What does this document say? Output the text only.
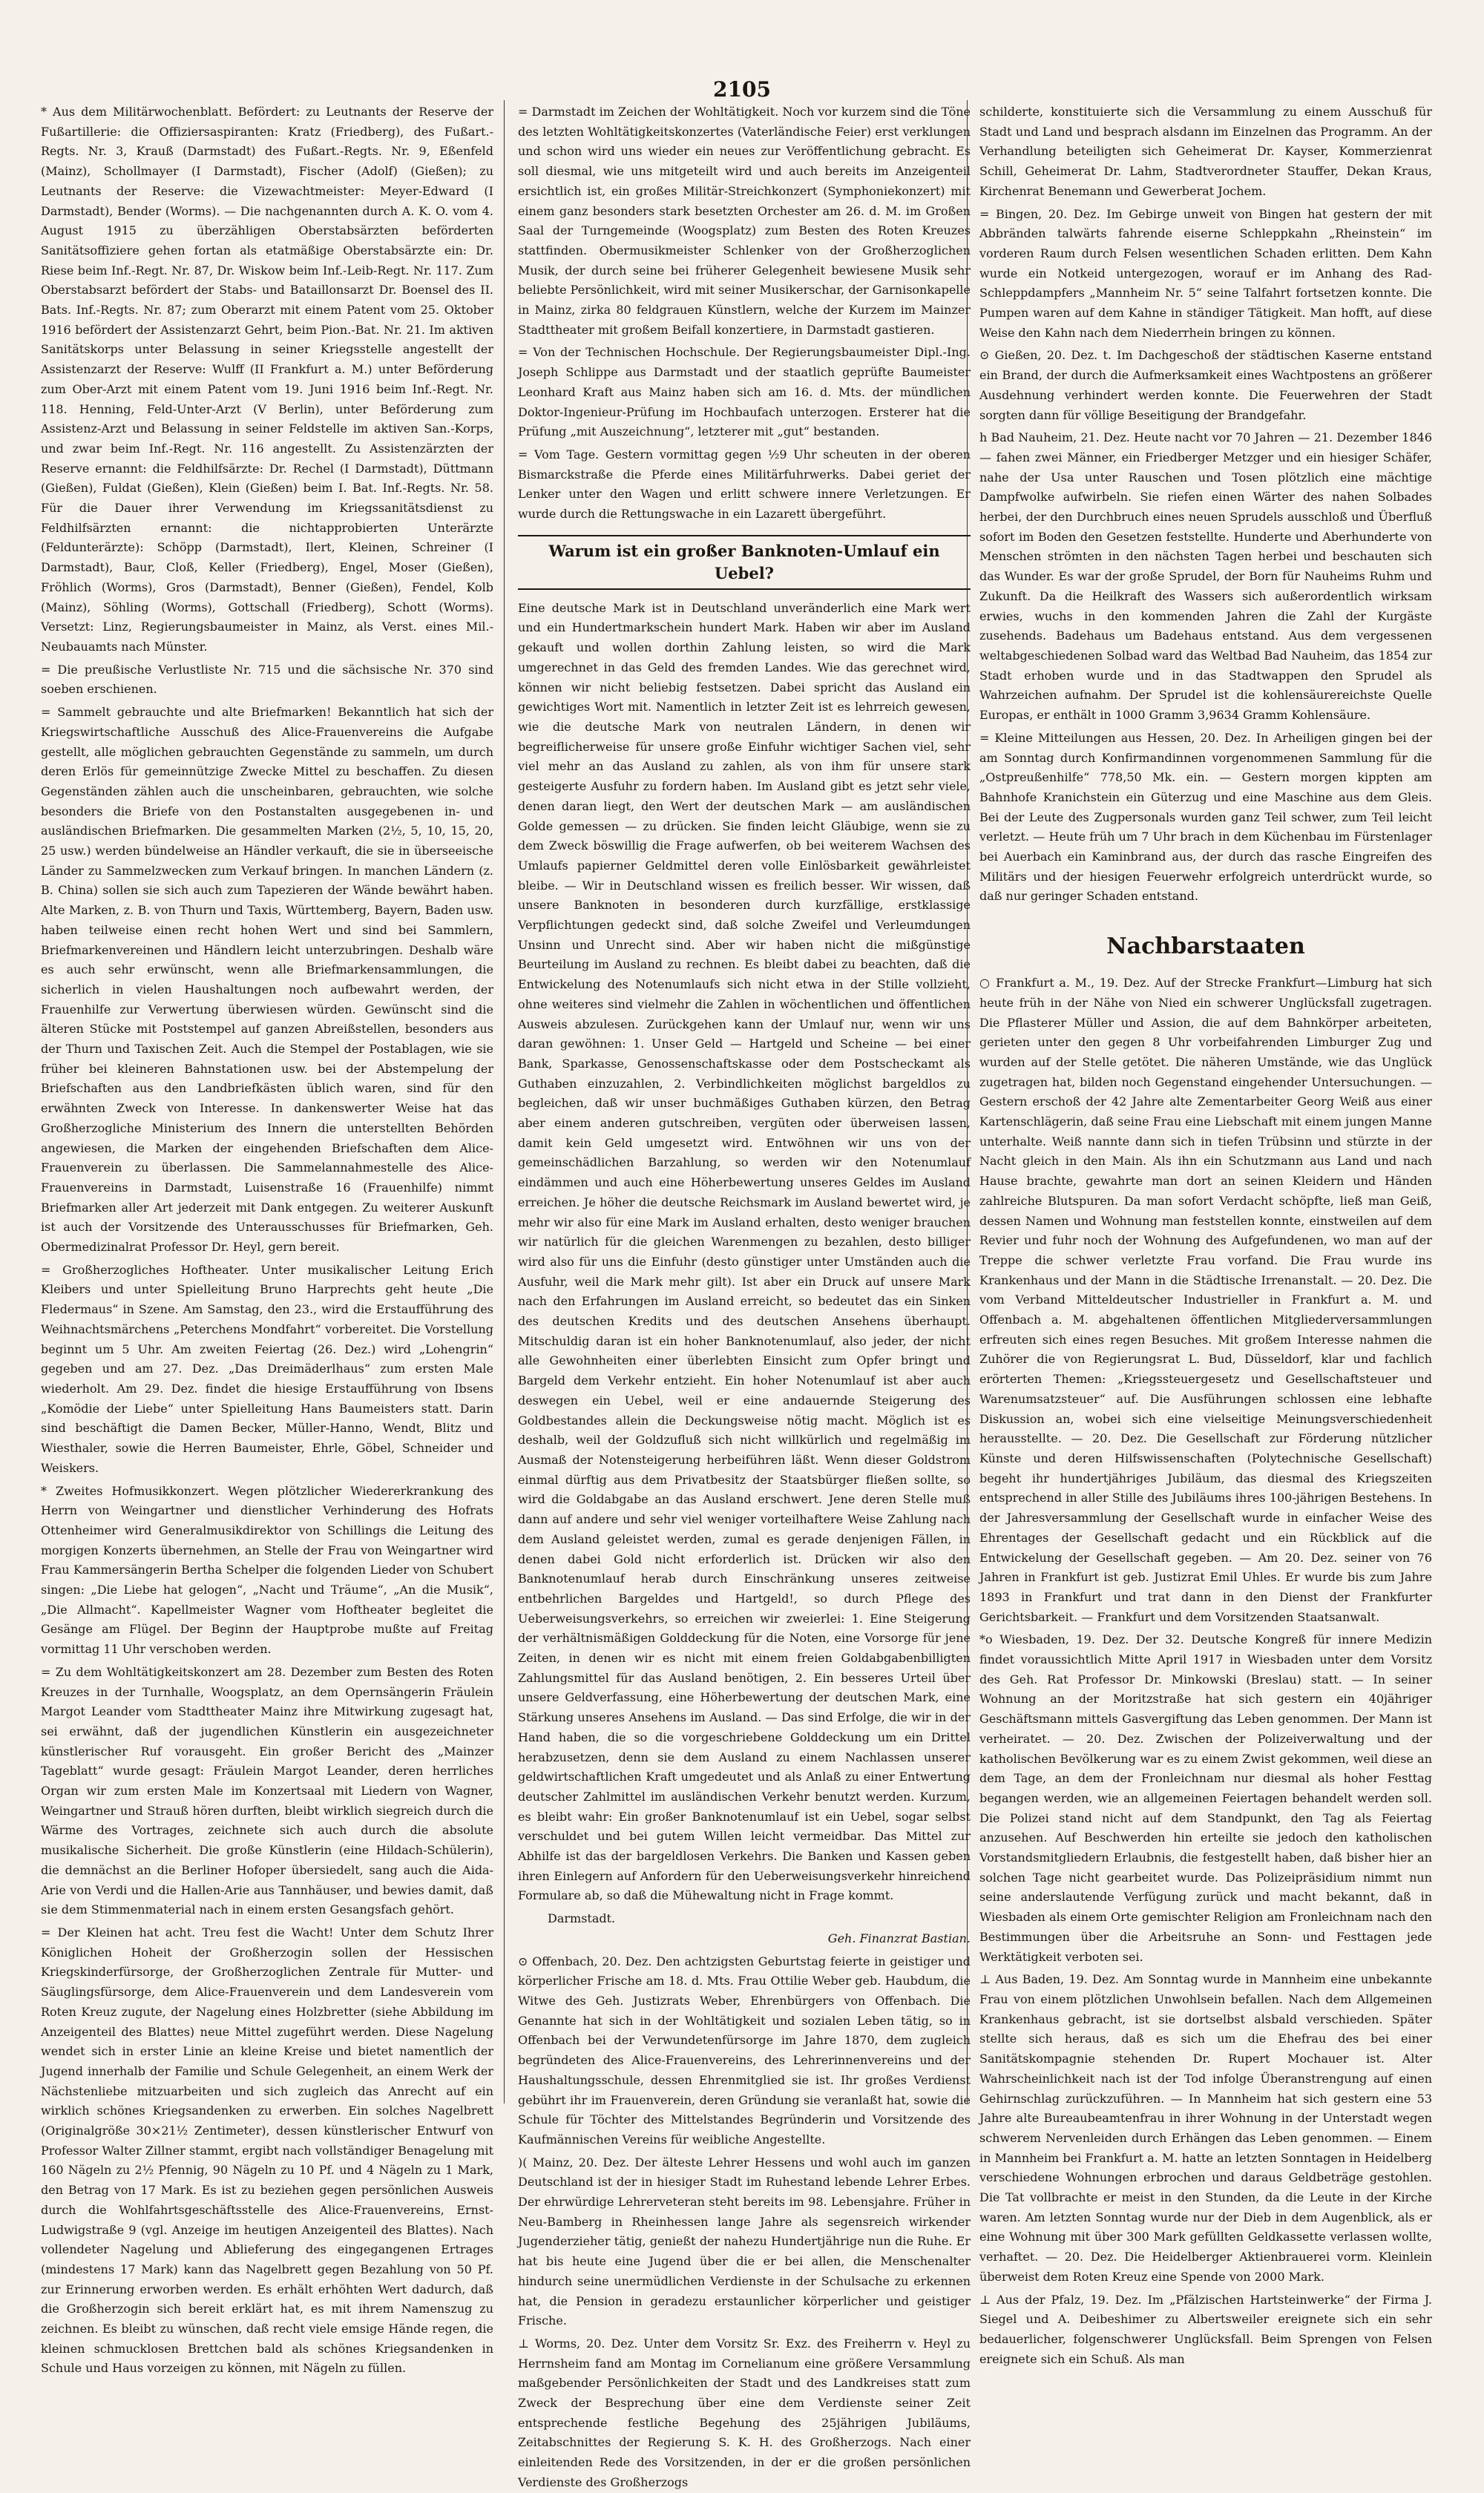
2105

* Aus dem Militärwochenblatt. Befördert: zu Leutnants der Reserve der Fußartillerie: die Offiziersaspiranten: Kratz (Friedberg), des Fußart.-Regts. Nr. 3, Krauß (Darmstadt) des Fußart.-Regts. Nr. 9, Eßenfeld (Mainz), Schollmayer (I Darmstadt), Fischer (Adolf) (Gießen); zu Leutnants der Reserve: die Vizewachtmeister: Meyer-Edward (I Darmstadt), Bender (Worms). — Die nachgenannten durch A. K. O. vom 4. August 1915 zu überzähligen Oberstabsärzten beförderten Sanitätsoffiziere gehen fortan als etatmäßige Oberstabsärzte ein: Dr. Riese beim Inf.-Regt. Nr. 87, Dr. Wiskow beim Inf.-Leib-Regt. Nr. 117. Zum Oberstabsarzt befördert der Stabs- und Bataillonsarzt Dr. Boensel des II. Bats. Inf.-Regts. Nr. 87; zum Oberarzt mit einem Patent vom 25. Oktober 1916 befördert der Assistenzarzt Gehrt, beim Pion.-Bat. Nr. 21. Im aktiven Sanitätskorps unter Belassung in seiner Kriegsstelle angestellt der Assistenzarzt der Reserve: Wulff (II Frankfurt a. M.) unter Beförderung zum Ober-Arzt mit einem Patent vom 19. Juni 1916 beim Inf.-Regt. Nr. 118. Henning, Feld-Unter-Arzt (V Berlin), unter Beförderung zum Assistenz-Arzt und Belassung in seiner Feldstelle im aktiven San.-Korps, und zwar beim Inf.-Regt. Nr. 116 angestellt. Zu Assistenzärzten der Reserve ernannt: die Feldhilfsärzte: Dr. Rechel (I Darmstadt), Düttmann (Gießen), Fuldat (Gießen), Klein (Gießen) beim I. Bat. Inf.-Regts. Nr. 58. Für die Dauer ihrer Verwendung im Kriegssanitätsdienst zu Feldhilfsärzten ernannt: die nichtapprobierten Unterärzte (Feldunterärzte): Schöpp (Darmstadt), Ilert, Kleinen, Schreiner (I Darmstadt), Baur, Cloß, Keller (Friedberg), Engel, Moser (Gießen), Fröhlich (Worms), Gros (Darmstadt), Benner (Gießen), Fendel, Kolb (Mainz), Söhling (Worms), Gottschall (Friedberg), Schott (Worms). Versetzt: Linz, Regierungsbaumeister in Mainz, als Verst. eines Mil.-Neubauamts nach Münster.

= Die preußische Verlustliste Nr. 715 und die sächsische Nr. 370 sind soeben erschienen.

= Sammelt gebrauchte und alte Briefmarken! Bekanntlich hat sich der Kriegswirtschaftliche Ausschuß des Alice-Frauenvereins die Aufgabe gestellt, alle möglichen gebrauchten Gegenstände zu sammeln, um durch deren Erlös für gemeinnützige Zwecke Mittel zu beschaffen. Zu diesen Gegenständen zählen auch die unscheinbaren, gebrauchten, wie solche besonders die Briefe von den Postanstalten ausgegebenen in- und ausländischen Briefmarken. Die gesammelten Marken (2½, 5, 10, 15, 20, 25 usw.) werden bündelweise an Händler verkauft, die sie in überseeische Länder zu Sammelzwecken zum Verkauf bringen. In manchen Ländern (z. B. China) sollen sie sich auch zum Tapezieren der Wände bewährt haben. Alte Marken, z. B. von Thurn und Taxis, Württemberg, Bayern, Baden usw. haben teilweise einen recht hohen Wert und sind bei Sammlern, Briefmarkenvereinen und Händlern leicht unterzubringen. Deshalb wäre es auch sehr erwünscht, wenn alle Briefmarkensammlungen, die sicherlich in vielen Haushaltungen noch aufbewahrt werden, der Frauenhilfe zur Verwertung überwiesen würden. Gewünscht sind die älteren Stücke mit Poststempel auf ganzen Abreißstellen, besonders aus der Thurn und Taxischen Zeit. Auch die Stempel der Postablagen, wie sie früher bei kleineren Bahnstationen usw. bei der Abstempelung der Briefschaften aus den Landbriefkästen üblich waren, sind für den erwähnten Zweck von Interesse. In dankenswerter Weise hat das Großherzogliche Ministerium des Innern die unterstellten Behörden angewiesen, die Marken der eingehenden Briefschaften dem Alice-Frauenverein zu überlassen. Die Sammelannahmestelle des Alice-Frauenvereins in Darmstadt, Luisenstraße 16 (Frauenhilfe) nimmt Briefmarken aller Art jederzeit mit Dank entgegen. Zu weiterer Auskunft ist auch der Vorsitzende des Unterausschusses für Briefmarken, Geh. Obermedizinalrat Professor Dr. Heyl, gern bereit.

= Großherzogliches Hoftheater. Unter musikalischer Leitung Erich Kleibers und unter Spielleitung Bruno Harprechts geht heute „Die Fledermaus“ in Szene. Am Samstag, den 23., wird die Erstaufführung des Weihnachtsmärchens „Peterchens Mondfahrt“ vorbereitet. Die Vorstellung beginnt um 5 Uhr. Am zweiten Feiertag (26. Dez.) wird „Lohengrin“ gegeben und am 27. Dez. „Das Dreimäderlhaus“ zum ersten Male wiederholt. Am 29. Dez. findet die hiesige Erstaufführung von Ibsens „Komödie der Liebe“ unter Spielleitung Hans Baumeisters statt. Darin sind beschäftigt die Damen Becker, Müller-Hanno, Wendt, Blitz und Wiesthaler, sowie die Herren Baumeister, Ehrle, Göbel, Schneider und Weiskers.

* Zweites Hofmusikkonzert. Wegen plötzlicher Wiedererkrankung des Herrn von Weingartner und dienstlicher Verhinderung des Hofrats Ottenheimer wird Generalmusikdirektor von Schillings die Leitung des morgigen Konzerts übernehmen, an Stelle der Frau von Weingartner wird Frau Kammersängerin Bertha Schelper die folgenden Lieder von Schubert singen: „Die Liebe hat gelogen“, „Nacht und Träume“, „An die Musik“, „Die Allmacht“. Kapellmeister Wagner vom Hoftheater begleitet die Gesänge am Flügel. Der Beginn der Hauptprobe mußte auf Freitag vormittag 11 Uhr verschoben werden.

= Zu dem Wohltätigkeitskonzert am 28. Dezember zum Besten des Roten Kreuzes in der Turnhalle, Woogsplatz, an dem Opernsängerin Fräulein Margot Leander vom Stadttheater Mainz ihre Mitwirkung zugesagt hat, sei erwähnt, daß der jugendlichen Künstlerin ein ausgezeichneter künstlerischer Ruf vorausgeht. Ein großer Bericht des „Mainzer Tageblatt“ wurde gesagt: Fräulein Margot Leander, deren herrliches Organ wir zum ersten Male im Konzertsaal mit Liedern von Wagner, Weingartner und Strauß hören durften, bleibt wirklich siegreich durch die Wärme des Vortrages, zeichnete sich auch durch die absolute musikalische Sicherheit. Die große Künstlerin (eine Hildach-Schülerin), die demnächst an die Berliner Hofoper übersiedelt, sang auch die Aida-Arie von Verdi und die Hallen-Arie aus Tannhäuser, und bewies damit, daß sie dem Stimmenmaterial nach in einem ersten Gesangsfach gehört.

= Der Kleinen hat acht. Treu fest die Wacht! Unter dem Schutz Ihrer Königlichen Hoheit der Großherzogin sollen der Hessischen Kriegskinderfürsorge, der Großherzoglichen Zentrale für Mutter- und Säuglingsfürsorge, dem Alice-Frauenverein und dem Landesverein vom Roten Kreuz zugute, der Nagelung eines Holzbretter (siehe Abbildung im Anzeigenteil des Blattes) neue Mittel zugeführt werden. Diese Nagelung wendet sich in erster Linie an kleine Kreise und bietet namentlich der Jugend innerhalb der Familie und Schule Gelegenheit, an einem Werk der Nächstenliebe mitzuarbeiten und sich zugleich das Anrecht auf ein wirklich schönes Kriegsandenken zu erwerben. Ein solches Nagelbrett (Originalgröße 30×21½ Zentimeter), dessen künstlerischer Entwurf von Professor Walter Zillner stammt, ergibt nach vollständiger Benagelung mit 160 Nägeln zu 2½ Pfennig, 90 Nägeln zu 10 Pf. und 4 Nägeln zu 1 Mark, den Betrag von 17 Mark. Es ist zu beziehen gegen persönlichen Ausweis durch die Wohlfahrtsgeschäftsstelle des Alice-Frauenvereins, Ernst-Ludwigstraße 9 (vgl. Anzeige im heutigen Anzeigenteil des Blattes). Nach vollendeter Nagelung und Ablieferung des eingegangenen Ertrages (mindestens 17 Mark) kann das Nagelbrett gegen Bezahlung von 50 Pf. zur Erinnerung erworben werden. Es erhält erhöhten Wert dadurch, daß die Großherzogin sich bereit erklärt hat, es mit ihrem Namenszug zu zeichnen. Es bleibt zu wünschen, daß recht viele emsige Hände regen, die kleinen schmucklosen Brettchen bald als schönes Kriegsandenken in Schule und Haus vorzeigen zu können, mit Nägeln zu füllen.

= Darmstadt im Zeichen der Wohltätigkeit. Noch vor kurzem sind die Töne des letzten Wohltätigkeitskonzertes (Vaterländische Feier) erst verklungen und schon wird uns wieder ein neues zur Veröffentlichung gebracht. Es soll diesmal, wie uns mitgeteilt wird und auch bereits im Anzeigenteil ersichtlich ist, ein großes Militär-Streichkonzert (Symphoniekonzert) mit einem ganz besonders stark besetzten Orchester am 26. d. M. im Großen Saal der Turngemeinde (Woogsplatz) zum Besten des Roten Kreuzes stattfinden. Obermusikmeister Schlenker von der Großherzoglichen Musik, der durch seine bei früherer Gelegenheit bewiesene Musik sehr beliebte Persönlichkeit, wird mit seiner Musikerschar, der Garnisonkapelle in Mainz, zirka 80 feldgrauen Künstlern, welche der Kurzem im Mainzer Stadttheater mit großem Beifall konzertiere, in Darmstadt gastieren.

= Von der Technischen Hochschule. Der Regierungsbaumeister Dipl.-Ing. Joseph Schlippe aus Darmstadt und der staatlich geprüfte Baumeister Leonhard Kraft aus Mainz haben sich am 16. d. Mts. der mündlichen Doktor-Ingenieur-Prüfung im Hochbaufach unterzogen. Ersterer hat die Prüfung „mit Auszeichnung“, letzterer mit „gut“ bestanden.

= Vom Tage. Gestern vormittag gegen ½9 Uhr scheuten in der oberen Bismarckstraße die Pferde eines Militärfuhrwerks. Dabei geriet der Lenker unter den Wagen und erlitt schwere innere Verletzungen. Er wurde durch die Rettungswache in ein Lazarett übergeführt.

Warum ist ein großer Banknoten-Umlauf ein Uebel?

Eine deutsche Mark ist in Deutschland unveränderlich eine Mark wert und ein Hundertmarkschein hundert Mark. Haben wir aber im Ausland gekauft und wollen dorthin Zahlung leisten, so wird die Mark umgerechnet in das Geld des fremden Landes. Wie das gerechnet wird, können wir nicht beliebig festsetzen. Dabei spricht das Ausland ein gewichtiges Wort mit. Namentlich in letzter Zeit ist es lehrreich gewesen, wie die deutsche Mark von neutralen Ländern, in denen wir begreiflicherweise für unsere große Einfuhr wichtiger Sachen viel, sehr viel mehr an das Ausland zu zahlen, als von ihm für unsere stark gesteigerte Ausfuhr zu fordern haben. Im Ausland gibt es jetzt sehr viele, denen daran liegt, den Wert der deutschen Mark — am ausländischen Golde gemessen — zu drücken. Sie finden leicht Gläubige, wenn sie zu dem Zweck böswillig die Frage aufwerfen, ob bei weiterem Wachsen des Umlaufs papierner Geldmittel deren volle Einlösbarkeit gewährleistet bleibe. — Wir in Deutschland wissen es freilich besser. Wir wissen, daß unsere Banknoten in besonderen durch kurzfällige, erstklassige Verpflichtungen gedeckt sind, daß solche Zweifel und Verleumdungen Unsinn und Unrecht sind. Aber wir haben nicht die mißgünstige Beurteilung im Ausland zu rechnen. Es bleibt dabei zu beachten, daß die Entwickelung des Notenumlaufs sich nicht etwa in der Stille vollzieht, ohne weiteres sind vielmehr die Zahlen in wöchentlichen und öffentlichen Ausweis abzulesen. Zurückgehen kann der Umlauf nur, wenn wir uns daran gewöhnen: 1. Unser Geld — Hartgeld und Scheine — bei einer Bank, Sparkasse, Genossenschaftskasse oder dem Postscheckamt als Guthaben einzuzahlen, 2. Verbindlichkeiten möglichst bargeldlos zu begleichen, daß wir unser buchmäßiges Guthaben kürzen, den Betrag aber einem anderen gutschreiben, vergüten oder überweisen lassen, damit kein Geld umgesetzt wird. Entwöhnen wir uns von der gemeinschädlichen Barzahlung, so werden wir den Notenumlauf eindämmen und auch eine Höherbewertung unseres Geldes im Ausland erreichen. Je höher die deutsche Reichsmark im Ausland bewertet wird, je mehr wir also für eine Mark im Ausland erhalten, desto weniger brauchen wir natürlich für die gleichen Warenmengen zu bezahlen, desto billiger wird also für uns die Einfuhr (desto günstiger unter Umständen auch die Ausfuhr, weil die Mark mehr gilt). Ist aber ein Druck auf unsere Mark nach den Erfahrungen im Ausland erreicht, so bedeutet das ein Sinken des deutschen Kredits und des deutschen Ansehens überhaupt. Mitschuldig daran ist ein hoher Banknotenumlauf, also jeder, der nicht alle Gewohnheiten einer überlebten Einsicht zum Opfer bringt und Bargeld dem Verkehr entzieht. Ein hoher Notenumlauf ist aber auch deswegen ein Uebel, weil er eine andauernde Steigerung des Goldbestandes allein die Deckungsweise nötig macht. Möglich ist es deshalb, weil der Goldzufluß sich nicht willkürlich und regelmäßig im Ausmaß der Notensteigerung herbeiführen läßt. Wenn dieser Goldstrom einmal dürftig aus dem Privatbesitz der Staatsbürger fließen sollte, so wird die Goldabgabe an das Ausland erschwert. Jene deren Stelle muß dann auf andere und sehr viel weniger vorteilhaftere Weise Zahlung nach dem Ausland geleistet werden, zumal es gerade denjenigen Fällen, in denen dabei Gold nicht erforderlich ist. Drücken wir also den Banknotenumlauf herab durch Einschränkung unseres zeitweise entbehrlichen Bargeldes und Hartgeld!, so durch Pflege des Ueberweisungsverkehrs, so erreichen wir zweierlei: 1. Eine Steigerung der verhältnismäßigen Golddeckung für die Noten, eine Vorsorge für jene Zeiten, in denen wir es nicht mit einem freien Goldabgabenbilligten Zahlungsmittel für das Ausland benötigen, 2. Ein besseres Urteil über unsere Geldverfassung, eine Höherbewertung der deutschen Mark, eine Stärkung unseres Ansehens im Ausland. — Das sind Erfolge, die wir in der Hand haben, die so die vorgeschriebene Golddeckung um ein Drittel herabzusetzen, denn sie dem Ausland zu einem Nachlassen unserer geldwirtschaftlichen Kraft umgedeutet und als Anlaß zu einer Entwertung deutscher Zahlmittel im ausländischen Verkehr benutzt werden. Kurzum, es bleibt wahr: Ein großer Banknotenumlauf ist ein Uebel, sogar selbst verschuldet und bei gutem Willen leicht vermeidbar. Das Mittel zur Abhilfe ist das der bargeldlosen Verkehrs. Die Banken und Kassen geben ihren Einlegern auf Anfordern für den Ueberweisungsverkehr hinreichend Formulare ab, so daß die Mühewaltung nicht in Frage kommt.

Darmstadt.

Geh. Finanzrat Bastian.

⊙ Offenbach, 20. Dez. Den achtzigsten Geburtstag feierte in geistiger und körperlicher Frische am 18. d. Mts. Frau Ottilie Weber geb. Haubdum, die Witwe des Geh. Justizrats Weber, Ehrenbürgers von Offenbach. Die Genannte hat sich in der Wohltätigkeit und sozialen Leben tätig, so in Offenbach bei der Verwundetenfürsorge im Jahre 1870, dem zugleich begründeten des Alice-Frauenvereins, des Lehrerinnenvereins und der Haushaltungsschule, dessen Ehrenmitglied sie ist. Ihr großes Verdienst gebührt ihr im Frauenverein, deren Gründung sie veranlaßt hat, sowie die Schule für Töchter des Mittelstandes Begründerin und Vorsitzende des Kaufmännischen Vereins für weibliche Angestellte.

)( Mainz, 20. Dez. Der älteste Lehrer Hessens und wohl auch im ganzen Deutschland ist der in hiesiger Stadt im Ruhestand lebende Lehrer Erbes. Der ehrwürdige Lehrerveteran steht bereits im 98. Lebensjahre. Früher in Neu-Bamberg in Rheinhessen lange Jahre als segensreich wirkender Jugenderzieher tätig, genießt der nahezu Hundertjährige nun die Ruhe. Er hat bis heute eine Jugend über die er bei allen, die Menschenalter hindurch seine unermüdlichen Verdienste in der Schulsache zu erkennen hat, die Pension in geradezu erstaunlicher körperlicher und geistiger Frische.

⊥ Worms, 20. Dez. Unter dem Vorsitz Sr. Exz. des Freiherrn v. Heyl zu Herrnsheim fand am Montag im Cornelianum eine größere Versammlung maßgebender Persönlichkeiten der Stadt und des Landkreises statt zum Zweck der Besprechung über eine dem Verdienste seiner Zeit entsprechende festliche Begehung des 25jährigen Jubiläums, Zeitabschnittes der Regierung S. K. H. des Großherzogs. Nach einer einleitenden Rede des Vorsitzenden, in der er die großen persönlichen Verdienste des Großherzogs

schilderte, konstituierte sich die Versammlung zu einem Ausschuß für Stadt und Land und besprach alsdann im Einzelnen das Programm. An der Verhandlung beteiligten sich Geheimerat Dr. Kayser, Kommerzienrat Schill, Geheimerat Dr. Lahm, Stadtverordneter Stauffer, Dekan Kraus, Kirchenrat Benemann und Gewerberat Jochem.

= Bingen, 20. Dez. Im Gebirge unweit von Bingen hat gestern der mit Abbränden talwärts fahrende eiserne Schleppkahn „Rheinstein“ im vorderen Raum durch Felsen wesentlichen Schaden erlitten. Dem Kahn wurde ein Notkeid untergezogen, worauf er im Anhang des Rad-Schleppdampfers „Mannheim Nr. 5“ seine Talfahrt fortsetzen konnte. Die Pumpen waren auf dem Kahne in ständiger Tätigkeit. Man hofft, auf diese Weise den Kahn nach dem Niederrhein bringen zu können.

⊙ Gießen, 20. Dez. t. Im Dachgeschoß der städtischen Kaserne entstand ein Brand, der durch die Aufmerksamkeit eines Wachtpostens an größerer Ausdehnung verhindert werden konnte. Die Feuerwehren der Stadt sorgten dann für völlige Beseitigung der Brandgefahr.

h Bad Nauheim, 21. Dez. Heute nacht vor 70 Jahren — 21. Dezember 1846 — fahen zwei Männer, ein Friedberger Metzger und ein hiesiger Schäfer, nahe der Usa unter Rauschen und Tosen plötzlich eine mächtige Dampfwolke aufwirbeln. Sie riefen einen Wärter des nahen Solbades herbei, der den Durchbruch eines neuen Sprudels ausschloß und Überfluß sofort im Boden den Gesetzen feststellte. Hunderte und Aberhunderte von Menschen strömten in den nächsten Tagen herbei und beschauten sich das Wunder. Es war der große Sprudel, der Born für Nauheims Ruhm und Zukunft. Da die Heilkraft des Wassers sich außerordentlich wirksam erwies, wuchs in den kommenden Jahren die Zahl der Kurgäste zusehends. Badehaus um Badehaus entstand. Aus dem vergessenen weltabgeschiedenen Solbad ward das Weltbad Bad Nauheim, das 1854 zur Stadt erhoben wurde und in das Stadtwappen den Sprudel als Wahrzeichen aufnahm. Der Sprudel ist die kohlensäurereichste Quelle Europas, er enthält in 1000 Gramm 3,9634 Gramm Kohlensäure.

= Kleine Mitteilungen aus Hessen, 20. Dez. In Arheiligen gingen bei der am Sonntag durch Konfirmandinnen vorgenommenen Sammlung für die „Ostpreußenhilfe“ 778,50 Mk. ein. — Gestern morgen kippten am Bahnhofe Kranichstein ein Güterzug und eine Maschine aus dem Gleis. Bei der Leute des Zugpersonals wurden ganz Teil schwer, zum Teil leicht verletzt. — Heute früh um 7 Uhr brach in dem Küchenbau im Fürstenlager bei Auerbach ein Kaminbrand aus, der durch das rasche Eingreifen des Militärs und der hiesigen Feuerwehr erfolgreich unterdrückt wurde, so daß nur geringer Schaden entstand.

Nachbarstaaten

○ Frankfurt a. M., 19. Dez. Auf der Strecke Frankfurt—Limburg hat sich heute früh in der Nähe von Nied ein schwerer Unglücksfall zugetragen. Die Pflasterer Müller und Assion, die auf dem Bahnkörper arbeiteten, gerieten unter den gegen 8 Uhr vorbeifahrenden Limburger Zug und wurden auf der Stelle getötet. Die näheren Umstände, wie das Unglück zugetragen hat, bilden noch Gegenstand eingehender Untersuchungen. — Gestern erschoß der 42 Jahre alte Zementarbeiter Georg Weiß aus einer Kartenschlägerin, daß seine Frau eine Liebschaft mit einem jungen Manne unterhalte. Weiß nannte dann sich in tiefen Trübsinn und stürzte in der Nacht gleich in den Main. Als ihn ein Schutzmann aus Land und nach Hause brachte, gewahrte man dort an seinen Kleidern und Händen zahlreiche Blutspuren. Da man sofort Verdacht schöpfte, ließ man Geiß, dessen Namen und Wohnung man feststellen konnte, einstweilen auf dem Revier und fuhr noch der Wohnung des Aufgefundenen, wo man auf der Treppe die schwer verletzte Frau vorfand. Die Frau wurde ins Krankenhaus und der Mann in die Städtische Irrenanstalt. — 20. Dez. Die vom Verband Mitteldeutscher Industrieller in Frankfurt a. M. und Offenbach a. M. abgehaltenen öffentlichen Mitgliederversammlungen erfreuten sich eines regen Besuches. Mit großem Interesse nahmen die Zuhörer die von Regierungsrat L. Bud, Düsseldorf, klar und fachlich erörterten Themen: „Kriegssteuergesetz und Gesellschaftsteuer und Warenumsatzsteuer“ auf. Die Ausführungen schlossen eine lebhafte Diskussion an, wobei sich eine vielseitige Meinungsverschiedenheit herausstellte. — 20. Dez. Die Gesellschaft zur Förderung nützlicher Künste und deren Hilfswissenschaften (Polytechnische Gesellschaft) begeht ihr hundertjähriges Jubiläum, das diesmal des Kriegszeiten entsprechend in aller Stille des Jubiläums ihres 100-jährigen Bestehens. In der Jahresversammlung der Gesellschaft wurde in einfacher Weise des Ehrentages der Gesellschaft gedacht und ein Rückblick auf die Entwickelung der Gesellschaft gegeben. — Am 20. Dez. seiner von 76 Jahren in Frankfurt ist geb. Justizrat Emil Uhles. Er wurde bis zum Jahre 1893 in Frankfurt und trat dann in den Dienst der Frankfurter Gerichtsbarkeit. — Frankfurt und dem Vorsitzenden Staatsanwalt.

*o Wiesbaden, 19. Dez. Der 32. Deutsche Kongreß für innere Medizin findet voraussichtlich Mitte April 1917 in Wiesbaden unter dem Vorsitz des Geh. Rat Professor Dr. Minkowski (Breslau) statt. — In seiner Wohnung an der Moritzstraße hat sich gestern ein 40jähriger Geschäftsmann mittels Gasvergiftung das Leben genommen. Der Mann ist verheiratet. — 20. Dez. Zwischen der Polizeiverwaltung und der katholischen Bevölkerung war es zu einem Zwist gekommen, weil diese an dem Tage, an dem der Fronleichnam nur diesmal als hoher Festtag begangen werden, wie an allgemeinen Feiertagen behandelt werden soll. Die Polizei stand nicht auf dem Standpunkt, den Tag als Feiertag anzusehen. Auf Beschwerden hin erteilte sie jedoch den katholischen Vorstandsmitgliedern Erlaubnis, die festgestellt haben, daß bisher hier an solchen Tage nicht gearbeitet wurde. Das Polizeipräsidium nimmt nun seine anderslautende Verfügung zurück und macht bekannt, daß in Wiesbaden als einem Orte gemischter Religion am Fronleichnam nach den Bestimmungen über die Arbeitsruhe an Sonn- und Festtagen jede Werktätigkeit verboten sei.

⊥ Aus Baden, 19. Dez. Am Sonntag wurde in Mannheim eine unbekannte Frau von einem plötzlichen Unwohlsein befallen. Nach dem Allgemeinen Krankenhaus gebracht, ist sie dortselbst alsbald verschieden. Später stellte sich heraus, daß es sich um die Ehefrau des bei einer Sanitätskompagnie stehenden Dr. Rupert Mochauer ist. Alter Wahrscheinlichkeit nach ist der Tod infolge Überanstrengung auf einen Gehirnschlag zurückzuführen. — In Mannheim hat sich gestern eine 53 Jahre alte Bureaubeamtenfrau in ihrer Wohnung in der Unterstadt wegen schwerem Nervenleiden durch Erhängen das Leben genommen. — Einem in Mannheim bei Frankfurt a. M. hatte an letzten Sonntagen in Heidelberg verschiedene Wohnungen erbrochen und daraus Geldbeträge gestohlen. Die Tat vollbrachte er meist in den Stunden, da die Leute in der Kirche waren. Am letzten Sonntag wurde nur der Dieb in dem Augenblick, als er eine Wohnung mit über 300 Mark gefüllten Geldkassette verlassen wollte, verhaftet. — 20. Dez. Die Heidelberger Aktienbrauerei vorm. Kleinlein überweist dem Roten Kreuz eine Spende von 2000 Mark.

⊥ Aus der Pfalz, 19. Dez. Im „Pfälzischen Hartsteinwerke“ der Firma J. Siegel und A. Deibeshimer zu Albertsweiler ereignete sich ein sehr bedauerlicher, folgenschwerer Unglücksfall. Beim Sprengen von Felsen ereignete sich ein Schuß. Als man
